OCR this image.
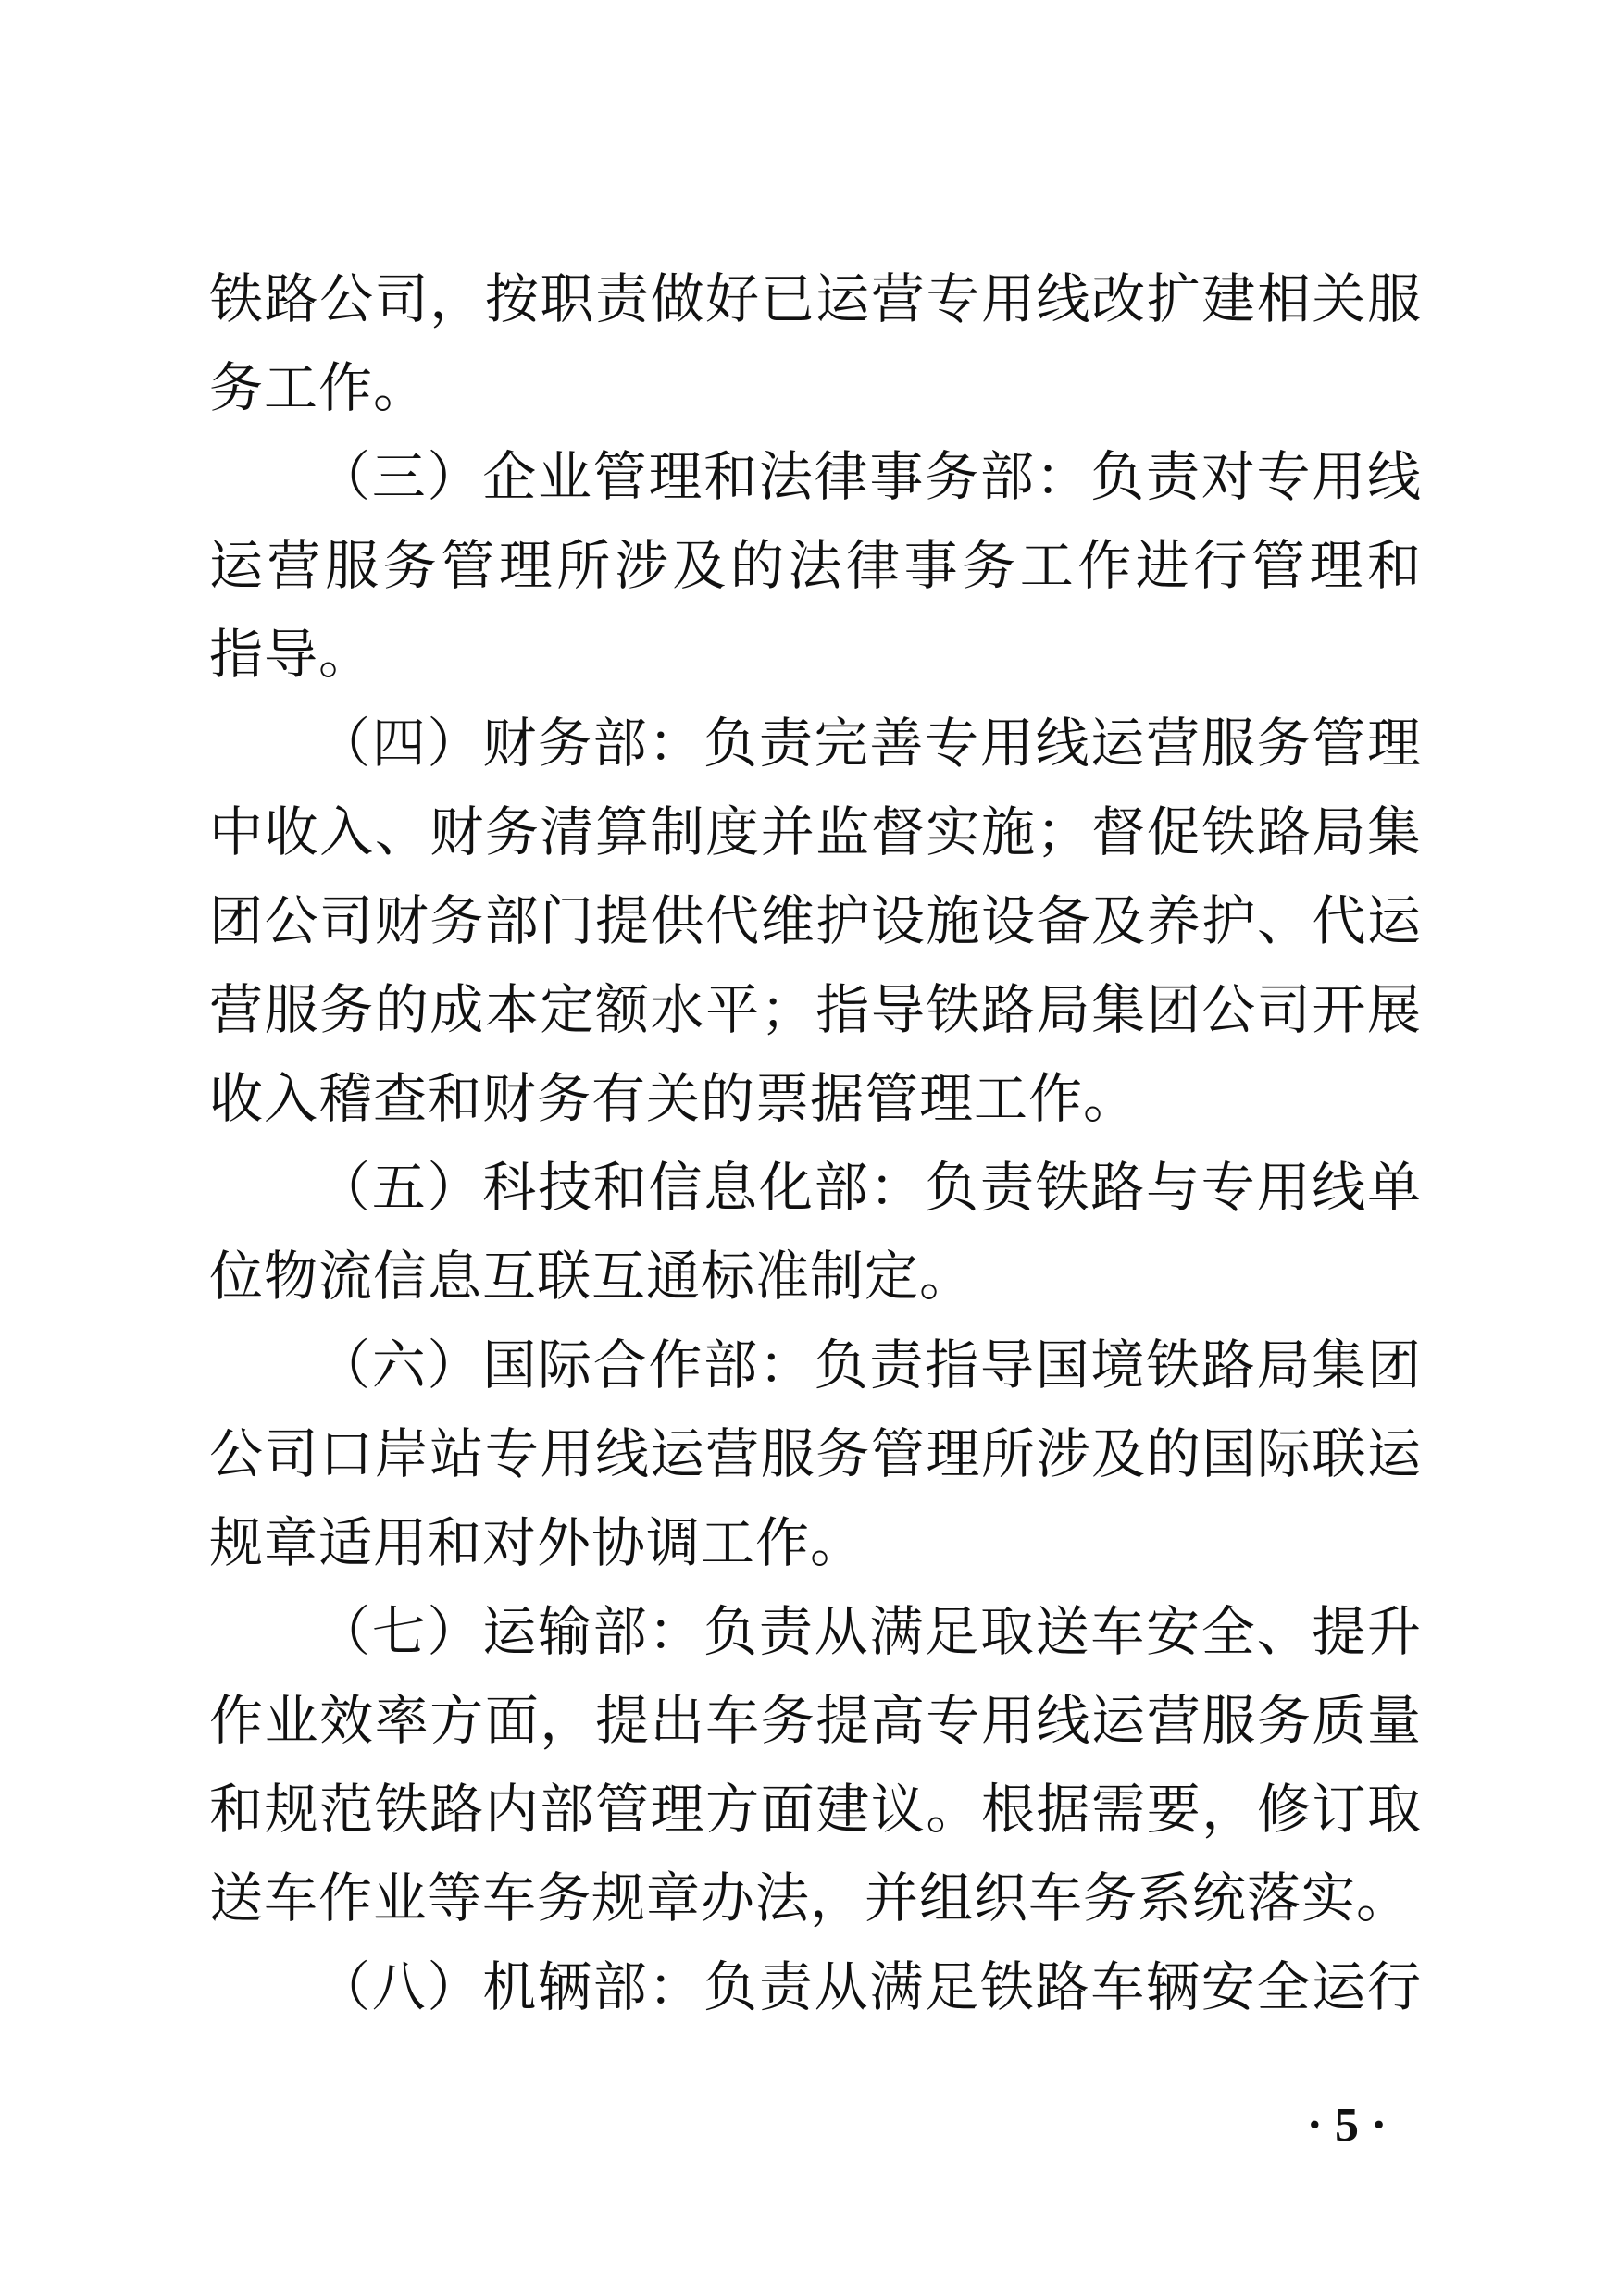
铁路公司，按职责做好已运营专用线改扩建相关服
务工作。
（三）企业管理和法律事务部：负责对专用线
运营服务管理所涉及的法律事务工作进行管理和
指导。
（四）财务部：负责完善专用线运营服务管理
中收入、财务清算制度并监督实施；督促铁路局集
团公司财务部门提供代维护设施设备及养护、代运
营服务的成本定额水平；指导铁路局集团公司开展
收入稽查和财务有关的票据管理工作。
（五）科技和信息化部：负责铁路与专用线单
位物流信息互联互通标准制定。
（六）国际合作部：负责指导国境铁路局集团
公司口岸站专用线运营服务管理所涉及的国际联运
规章适用和对外协调工作。
（七）运输部：负责从满足取送车安全、提升
作业效率方面，提出车务提高专用线运营服务质量
和规范铁路内部管理方面建议。根据需要，修订取
送车作业等车务规章办法，并组织车务系统落实。
（八）机辆部：负责从满足铁路车辆安全运行
· 5 ·
